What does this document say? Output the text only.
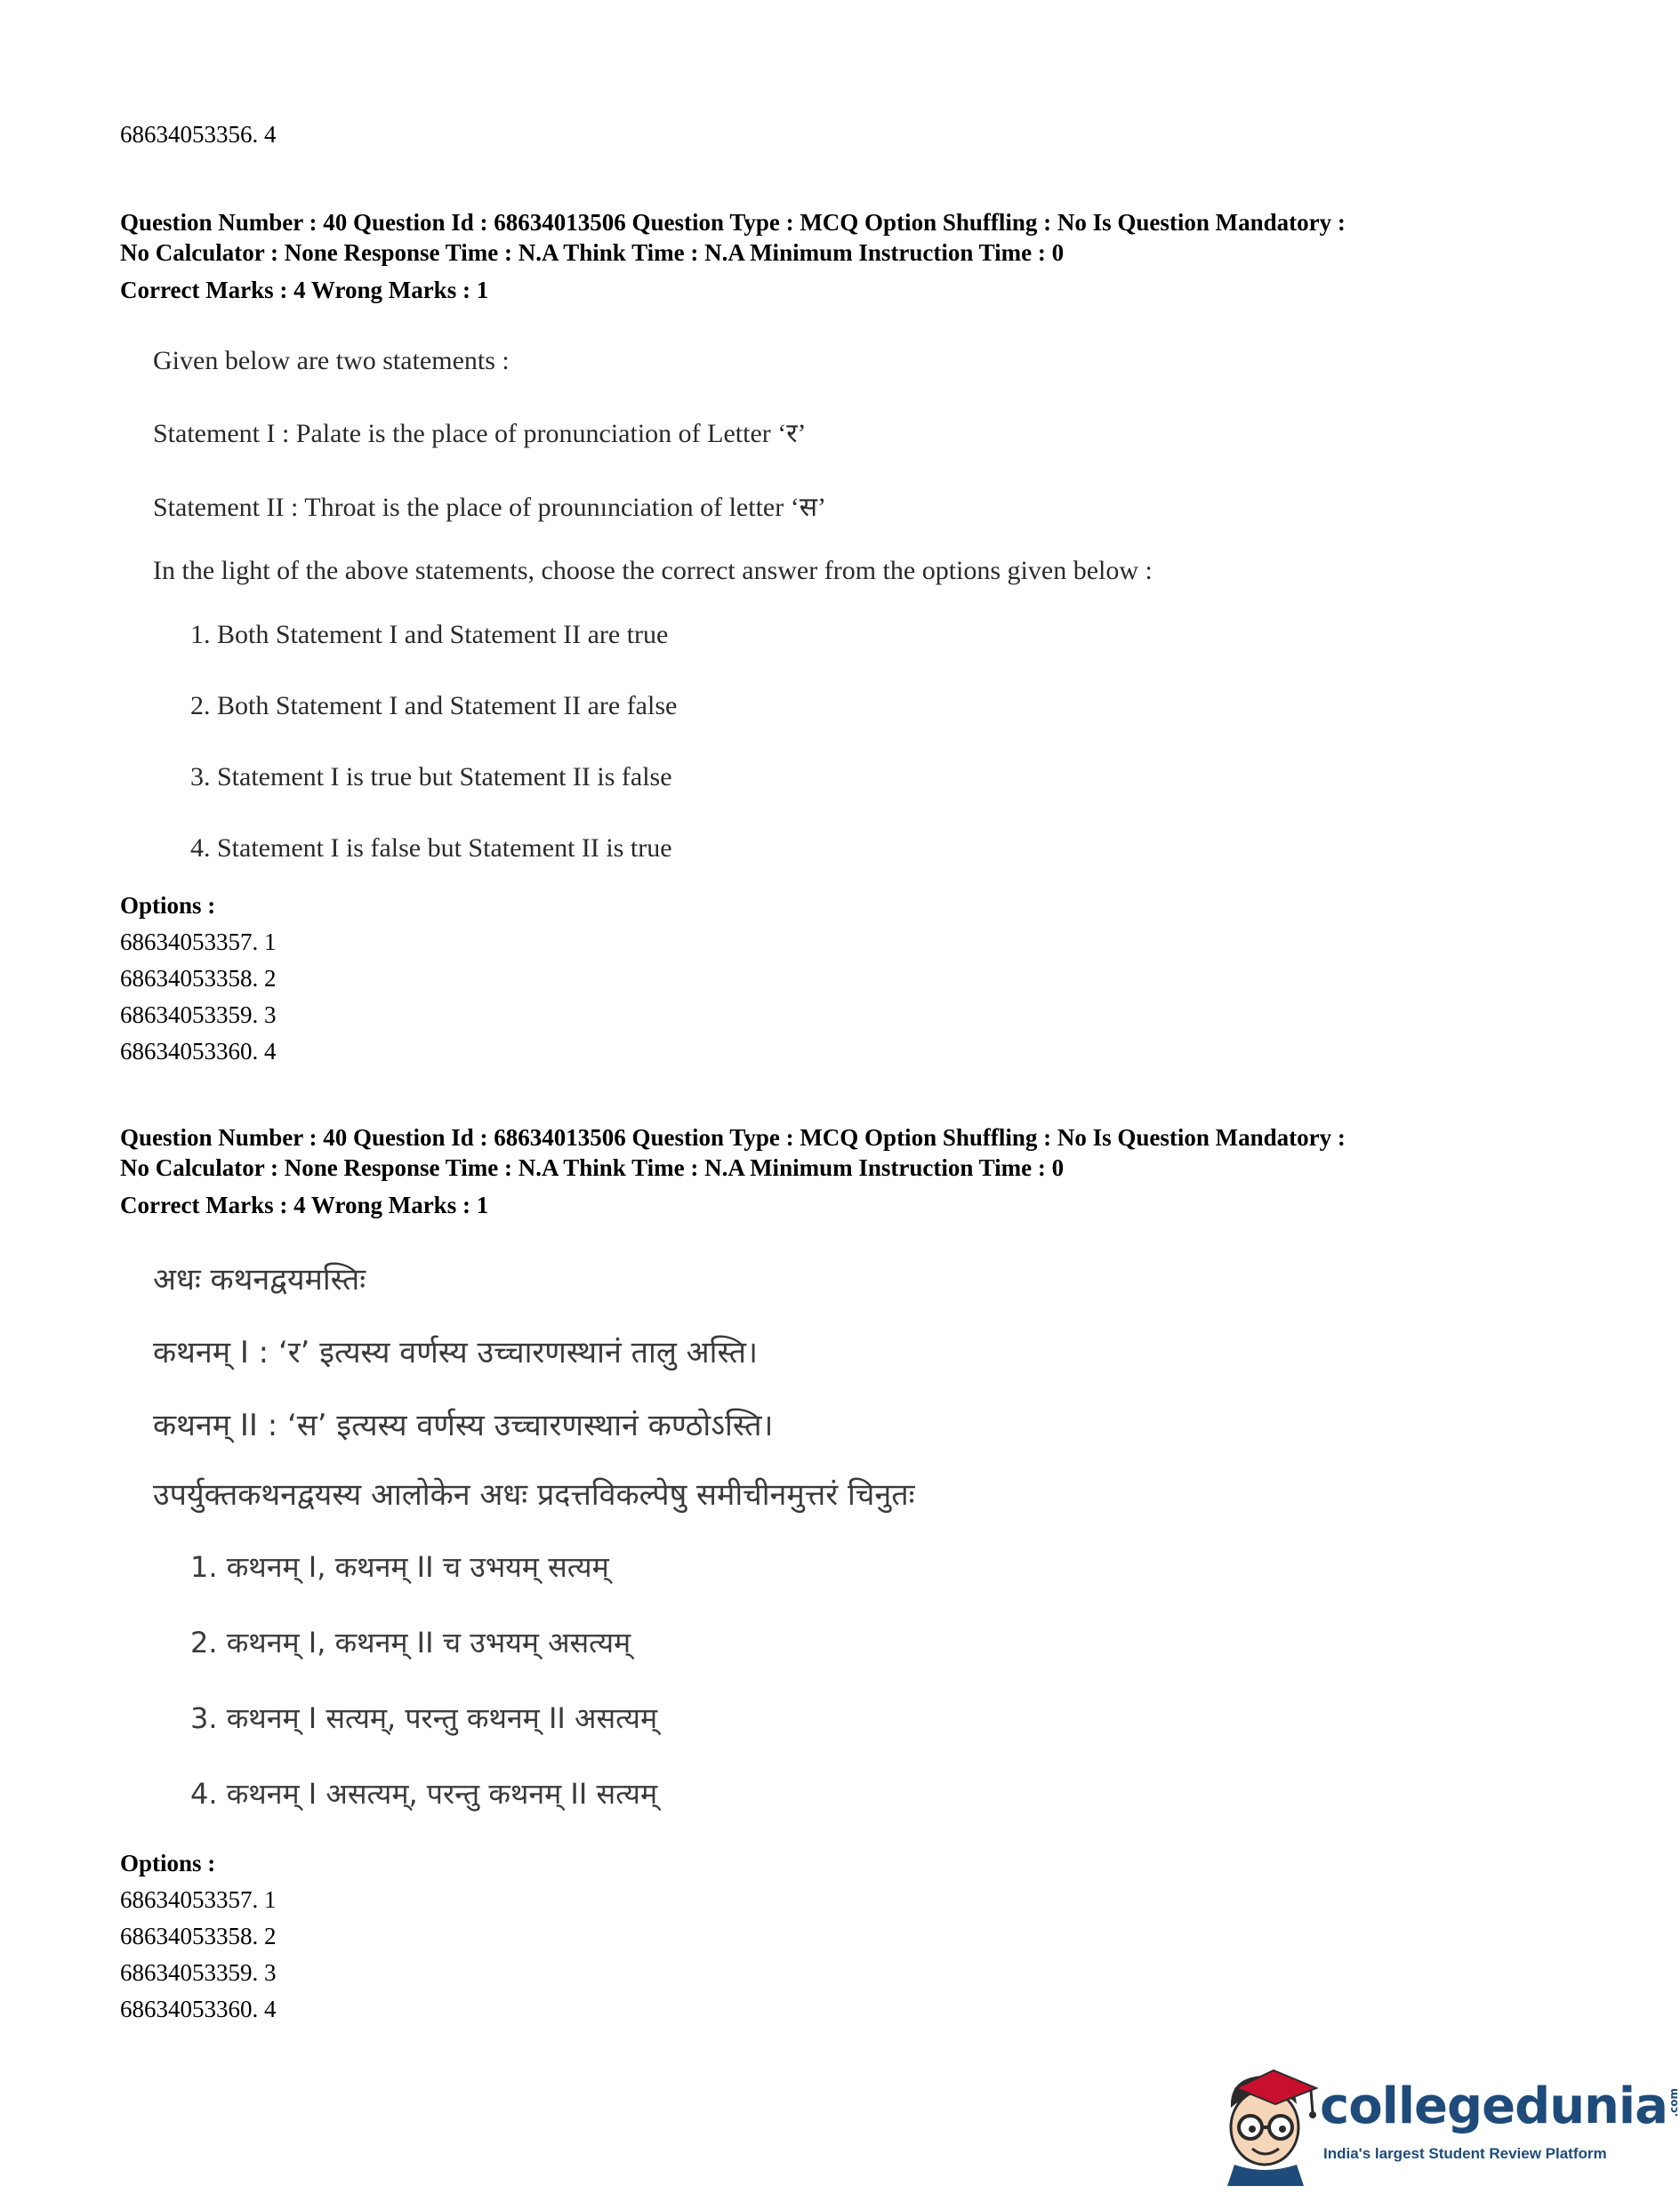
68634053356. 4
Question Number : 40 Question Id : 68634013506 Question Type : MCQ Option Shuffling : No Is Question Mandatory :
No Calculator : None Response Time : N.A Think Time : N.A Minimum Instruction Time : 0
Correct Marks : 4 Wrong Marks : 1
Given below are two statements :
Statement I : Palate is the place of pronunciation of Letter ‘र’
Statement II : Throat is the place of prounınciation of letter ‘स’
In the light of the above statements, choose the correct answer from the options given below :
1. Both Statement I and Statement II are true
2. Both Statement I and Statement II are false
3. Statement I is true but Statement II is false
4. Statement I is false but Statement II is true
Options :
68634053357. 1
68634053358. 2
68634053359. 3
68634053360. 4
Question Number : 40 Question Id : 68634013506 Question Type : MCQ Option Shuffling : No Is Question Mandatory :
No Calculator : None Response Time : N.A Think Time : N.A Minimum Instruction Time : 0
Correct Marks : 4 Wrong Marks : 1
अधः कथनद्वयमस्तिः
कथनम् I : ‘र’ इत्यस्य वर्णस्य उच्चारणस्थानं तालु अस्ति।
कथनम् II : ‘स’ इत्यस्य वर्णस्य उच्चारणस्थानं कण्ठोऽस्ति।
उपर्युक्तकथनद्वयस्य आलोकेन अधः प्रदत्तविकल्पेषु समीचीनमुत्तरं चिनुतः
1. कथनम् I, कथनम् II च उभयम् सत्यम्
2. कथनम् I, कथनम् II च उभयम् असत्यम्
3. कथनम् I सत्यम्, परन्तु कथनम् II असत्यम्
4. कथनम् I असत्यम्, परन्तु कथनम् II सत्यम्
Options :
68634053357. 1
68634053358. 2
68634053359. 3
68634053360. 4
collegedunia .com
India's largest Student Review Platform
